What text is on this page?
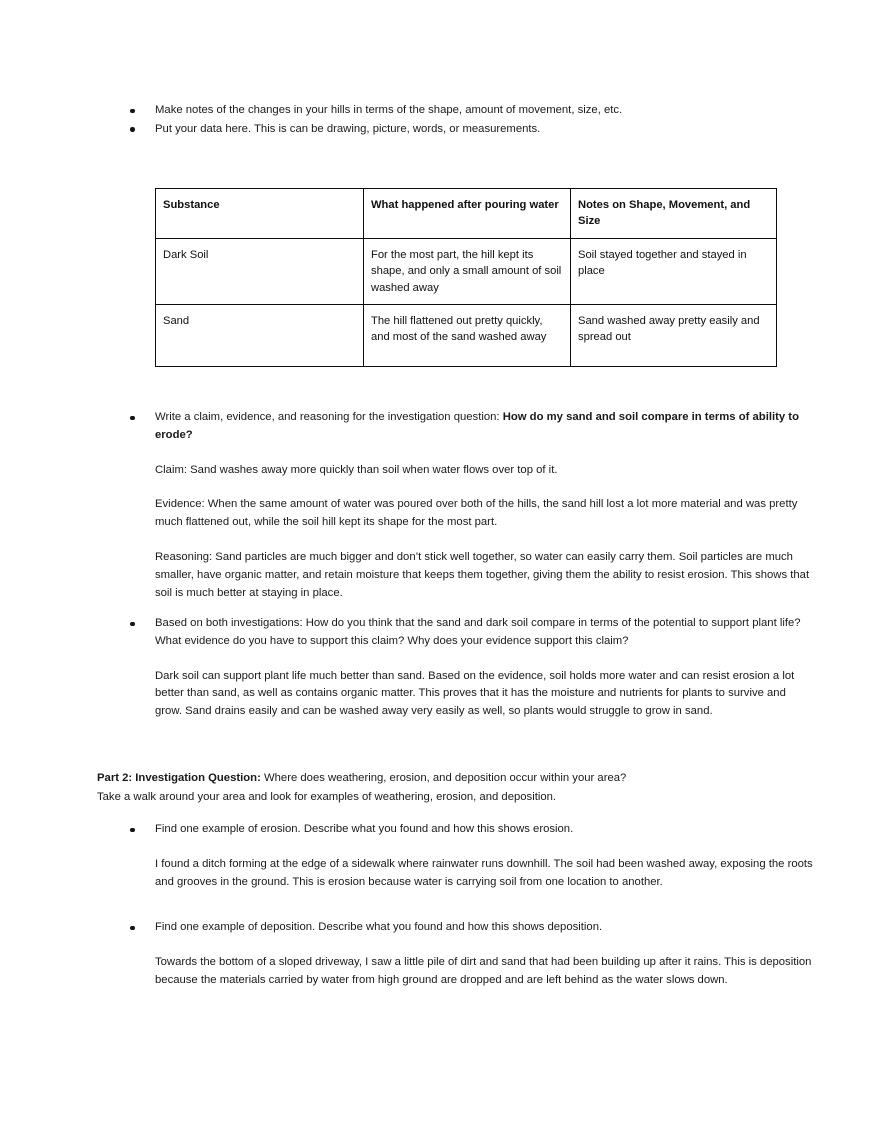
Make notes of the changes in your hills in terms of the shape, amount of movement, size, etc.
Put your data here. This is can be drawing, picture, words, or measurements.
Substance	What happened after pouring water	Notes on Shape, Movement, and Size
Dark Soil	For the most part, the hill kept its shape, and only a small amount of soil washed away	Soil stayed together and stayed in place
Sand	The hill flattened out pretty quickly, and most of the sand washed away	Sand washed away pretty easily and spread out
Write a claim, evidence, and reasoning for the investigation question: How do my sand and soil compare in terms of ability to erode?
Claim: Sand washes away more quickly than soil when water flows over top of it.
Evidence: When the same amount of water was poured over both of the hills, the sand hill lost a lot more material and was pretty much flattened out, while the soil hill kept its shape for the most part.
Reasoning: Sand particles are much bigger and don’t stick well together, so water can easily carry them. Soil particles are much smaller, have organic matter, and retain moisture that keeps them together, giving them the ability to resist erosion. This shows that soil is much better at staying in place.
Based on both investigations: How do you think that the sand and dark soil compare in terms of the potential to support plant life? What evidence do you have to support this claim? Why does your evidence support this claim?
Dark soil can support plant life much better than sand. Based on the evidence, soil holds more water and can resist erosion a lot better than sand, as well as contains organic matter. This proves that it has the moisture and nutrients for plants to survive and grow. Sand drains easily and can be washed away very easily as well, so plants would struggle to grow in sand.
Part 2: Investigation Question: Where does weathering, erosion, and deposition occur within your area?
Take a walk around your area and look for examples of weathering, erosion, and deposition.
Find one example of erosion. Describe what you found and how this shows erosion.
I found a ditch forming at the edge of a sidewalk where rainwater runs downhill. The soil had been washed away, exposing the roots and grooves in the ground. This is erosion because water is carrying soil from one location to another.
Find one example of deposition. Describe what you found and how this shows deposition.
Towards the bottom of a sloped driveway, I saw a little pile of dirt and sand that had been building up after it rains. This is deposition because the materials carried by water from high ground are dropped and are left behind as the water slows down.
